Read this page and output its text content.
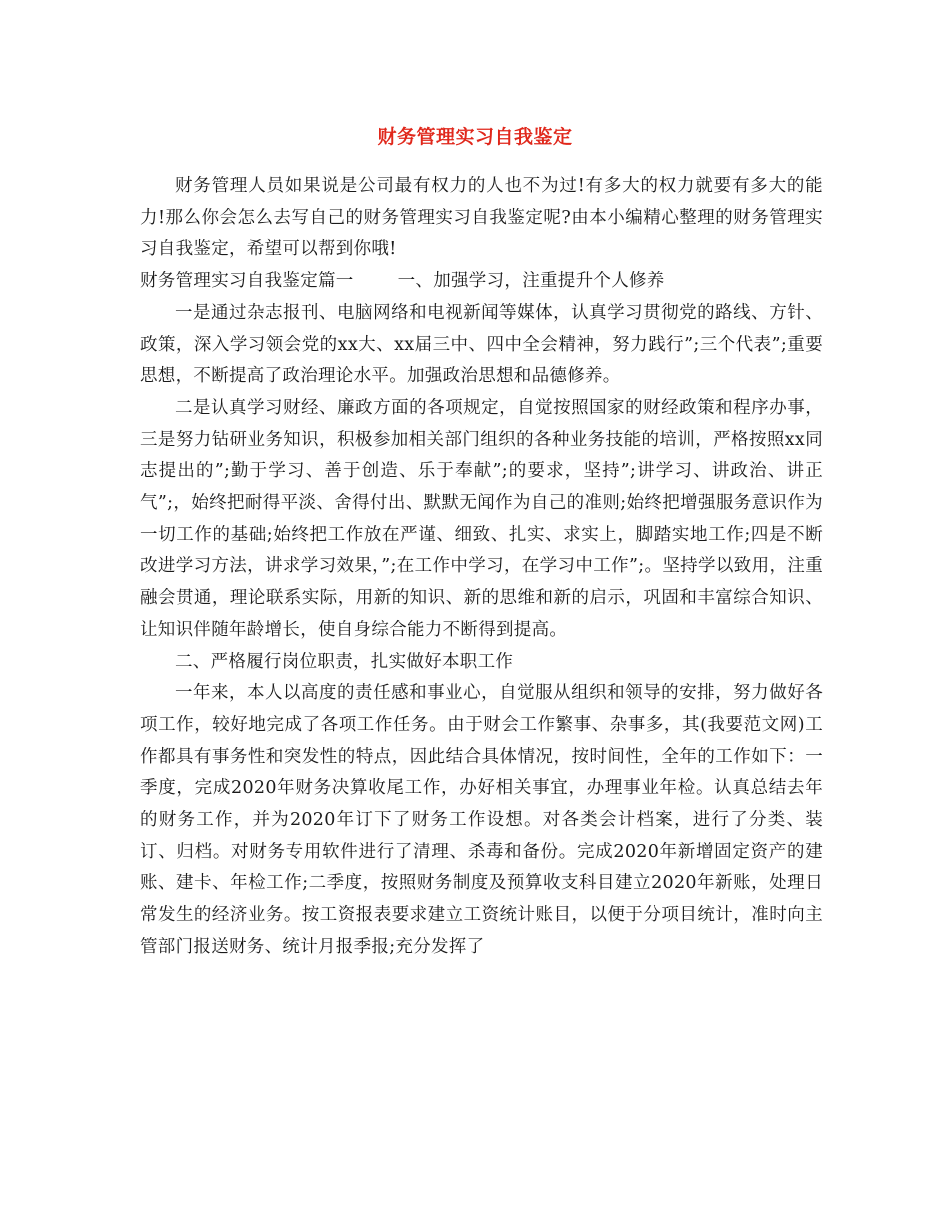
财务管理实习自我鉴定

财务管理人员如果说是公司最有权力的人也不为过!有多大的权力就要有多大的能力!那么你会怎么去写自己的财务管理实习自我鉴定呢?由本小编精心整理的财务管理实习自我鉴定，希望可以帮到你哦!

财务管理实习自我鉴定篇一	一、加强学习，注重提升个人修养

一是通过杂志报刊、电脑网络和电视新闻等媒体，认真学习贯彻党的路线、方针、政策，深入学习领会党的xx大、xx届三中、四中全会精神，努力践行”;三个代表”;重要思想，不断提高了政治理论水平。加强政治思想和品德修养。

二是认真学习财经、廉政方面的各项规定，自觉按照国家的财经政策和程序办事，三是努力钻研业务知识，积极参加相关部门组织的各种业务技能的培训，严格按照xx同志提出的”;勤于学习、善于创造、乐于奉献”;的要求，坚持”;讲学习、讲政治、讲正气”;，始终把耐得平淡、舍得付出、默默无闻作为自己的准则;始终把增强服务意识作为一切工作的基础;始终把工作放在严谨、细致、扎实、求实上，脚踏实地工作;四是不断改进学习方法，讲求学习效果，”;在工作中学习，在学习中工作”;。坚持学以致用，注重融会贯通，理论联系实际，用新的知识、新的思维和新的启示，巩固和丰富综合知识、让知识伴随年龄增长，使自身综合能力不断得到提高。

二、严格履行岗位职责，扎实做好本职工作

一年来，本人以高度的责任感和事业心，自觉服从组织和领导的安排，努力做好各项工作，较好地完成了各项工作任务。由于财会工作繁事、杂事多，其(我要范文网)工作都具有事务性和突发性的特点，因此结合具体情况，按时间性，全年的工作如下：一季度，完成2020年财务决算收尾工作，办好相关事宜，办理事业年检。认真总结去年的财务工作，并为2020年订下了财务工作设想。对各类会计档案，进行了分类、装订、归档。对财务专用软件进行了清理、杀毒和备份。完成2020年新增固定资产的建账、建卡、年检工作;二季度，按照财务制度及预算收支科目建立2020年新账，处理日常发生的经济业务。按工资报表要求建立工资统计账目，以便于分项目统计，准时向主管部门报送财务、统计月报季报;充分发挥了
